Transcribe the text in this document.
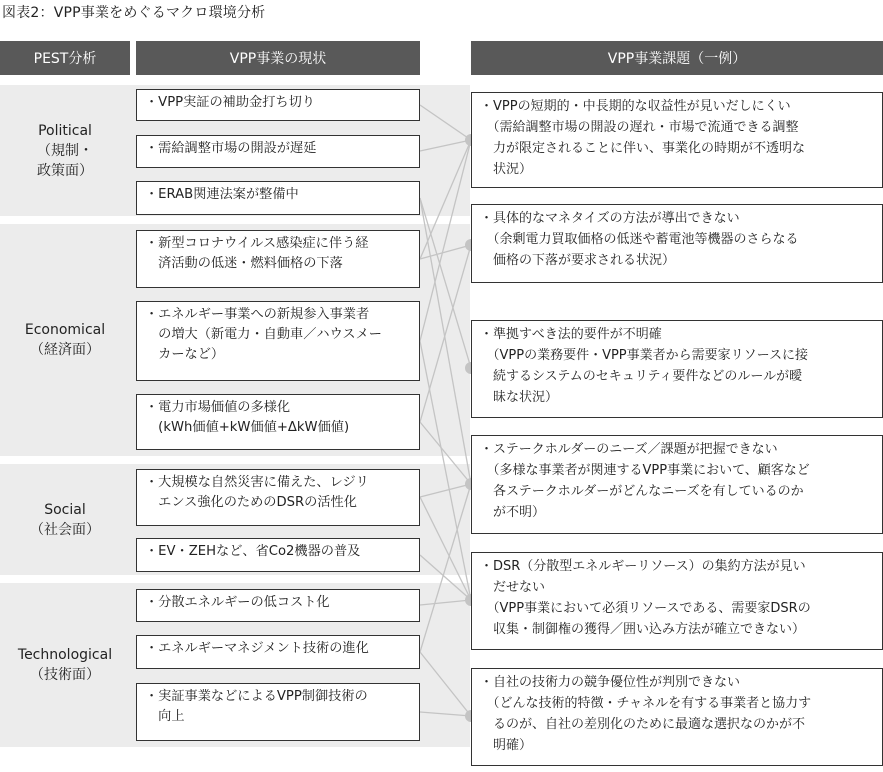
図表2：VPP事業をめぐるマクロ環境分析
PEST分析	VPP事業の現状	VPP事業課題（一例）
Political
（規制・
政策面）
Economical
（経済面）
Social
（社会面）
Technological
（技術面）
・VPP実証の補助金打ち切り
・需給調整市場の開設が遅延
・ERAB関連法案が整備中
・新型コロナウイルス感染症に伴う経
　済活動の低迷・燃料価格の下落
・エネルギー事業への新規参入事業者
　の増大（新電力・自動車／ハウスメー
　カーなど）
・電力市場価値の多様化
　(kWh価値+kW価値+ΔkW価値)
・大規模な自然災害に備えた、レジリ
　エンス強化のためのDSRの活性化
・EV・ZEHなど、省Co2機器の普及
・分散エネルギーの低コスト化
・エネルギーマネジメント技術の進化
・実証事業などによるVPP制御技術の
　向上
・VPPの短期的・中長期的な収益性が見いだしにくい
　（需給調整市場の開設の遅れ・市場で流通できる調整
　力が限定されることに伴い、事業化の時期が不透明な
　状況）
・具体的なマネタイズの方法が導出できない
　（余剰電力買取価格の低迷や蓄電池等機器のさらなる
　価格の下落が要求される状況）
・準拠すべき法的要件が不明確
　（VPPの業務要件・VPP事業者から需要家リソースに接
　続するシステムのセキュリティ要件などのルールが曖
　昧な状況）
・ステークホルダーのニーズ／課題が把握できない
　（多様な事業者が関連するVPP事業において、顧客など
　各ステークホルダーがどんなニーズを有しているのか
　が不明）
・DSR（分散型エネルギーリソース）の集約方法が見い
　だせない
　（VPP事業において必須リソースである、需要家DSRの
　収集・制御権の獲得／囲い込み方法が確立できない）
・自社の技術力の競争優位性が判別できない
　（どんな技術的特徴・チャネルを有する事業者と協力す
　るのが、自社の差別化のために最適な選択なのかが不
　明確）
